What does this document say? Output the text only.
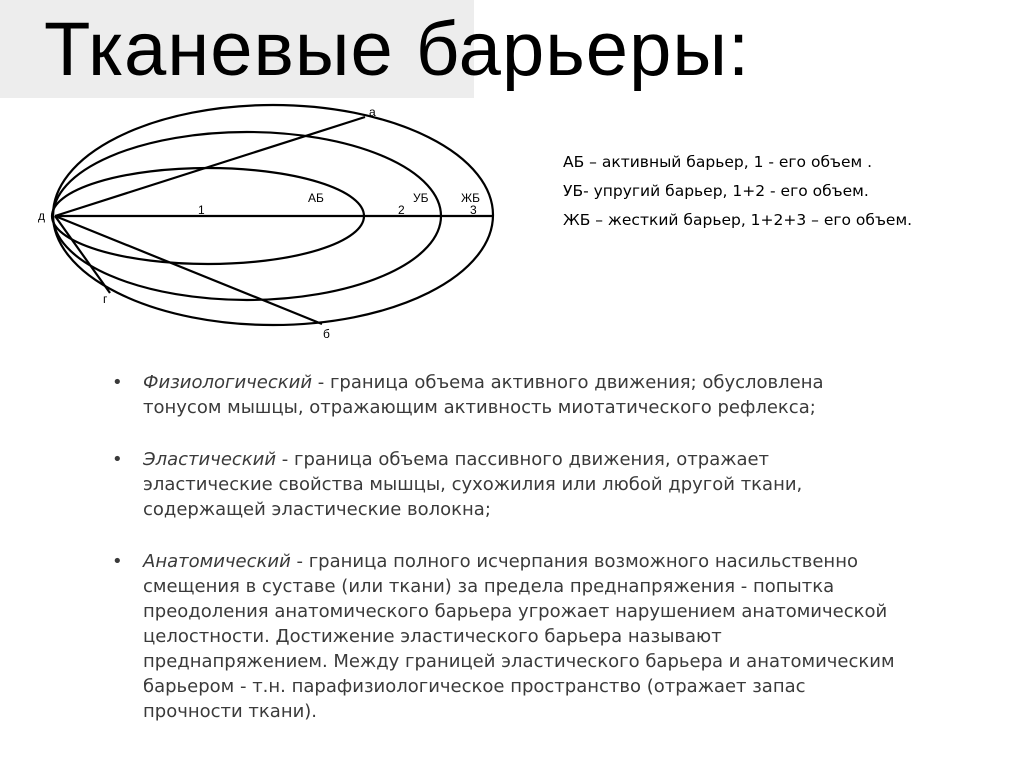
Тканевые барьеры:
а
б
г
д
АБ	УБ	ЖБ
1	2	3
АБ – активный барьер, 1 - его объем .
УБ- упругий барьер, 1+2 - его объем.
ЖБ – жесткий барьер, 1+2+3 – его объем.
• Физиологический - граница объема активного движения; обусловлена тонусом мышцы, отражающим активность миотатического рефлекса;
• Эластический - граница объема пассивного движения, отражает эластические свойства мышцы, сухожилия или любой другой ткани, содержащей эластические волокна;
• Анатомический - граница полного исчерпания возможного насильственно смещения в суставе (или ткани) за предела преднапряжения - попытка преодоления анатомического барьера угрожает нарушением анатомической целостности. Достижение эластического барьера называют преднапряжением. Между границей эластического барьера и анатомическим барьером - т.н. парафизиологическое пространство (отражает запас прочности ткани).
